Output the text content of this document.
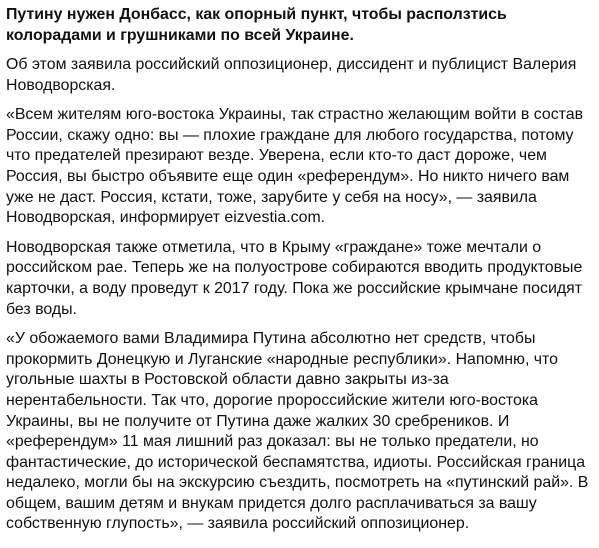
Путину нужен Донбасс, как опорный пункт, чтобы расползтись колорадами и грушниками по всей Украине.

Об этом заявила российский оппозиционер, диссидент и публицист Валерия Новодворская.

«Всем жителям юго-востока Украины, так страстно желающим войти в состав России, скажу одно: вы — плохие граждане для любого государства, потому что предателей презирают везде. Уверена, если кто-то даст дороже, чем Россия, вы быстро объявите еще один «референдум». Но никто ничего вам уже не даст. Россия, кстати, тоже, зарубите у себя на носу», — заявила Новодворская, информирует eizvestia.com.

Новодворская также отметила, что в Крыму «граждане» тоже мечтали о российском рае. Теперь же на полуострове собираются вводить продуктовые карточки, а воду проведут к 2017 году. Пока же российские крымчане посидят без воды.

«У обожаемого вами Владимира Путина абсолютно нет средств, чтобы прокормить Донецкую и Луганские «народные республики». Напомню, что угольные шахты в Ростовской области давно закрыты из-за нерентабельности. Так что, дорогие пророссийские жители юго-востока Украины, вы не получите от Путина даже жалких 30 сребреников. И «референдум» 11 мая лишний раз доказал: вы не только предатели, но фантастические, до исторической беспамятства, идиоты. Российская граница недалеко, могли бы на экскурсию съездить, посмотреть на «путинский рай». В общем, вашим детям и внукам придется долго расплачиваться за вашу собственную глупость», — заявила российский оппозиционер.
